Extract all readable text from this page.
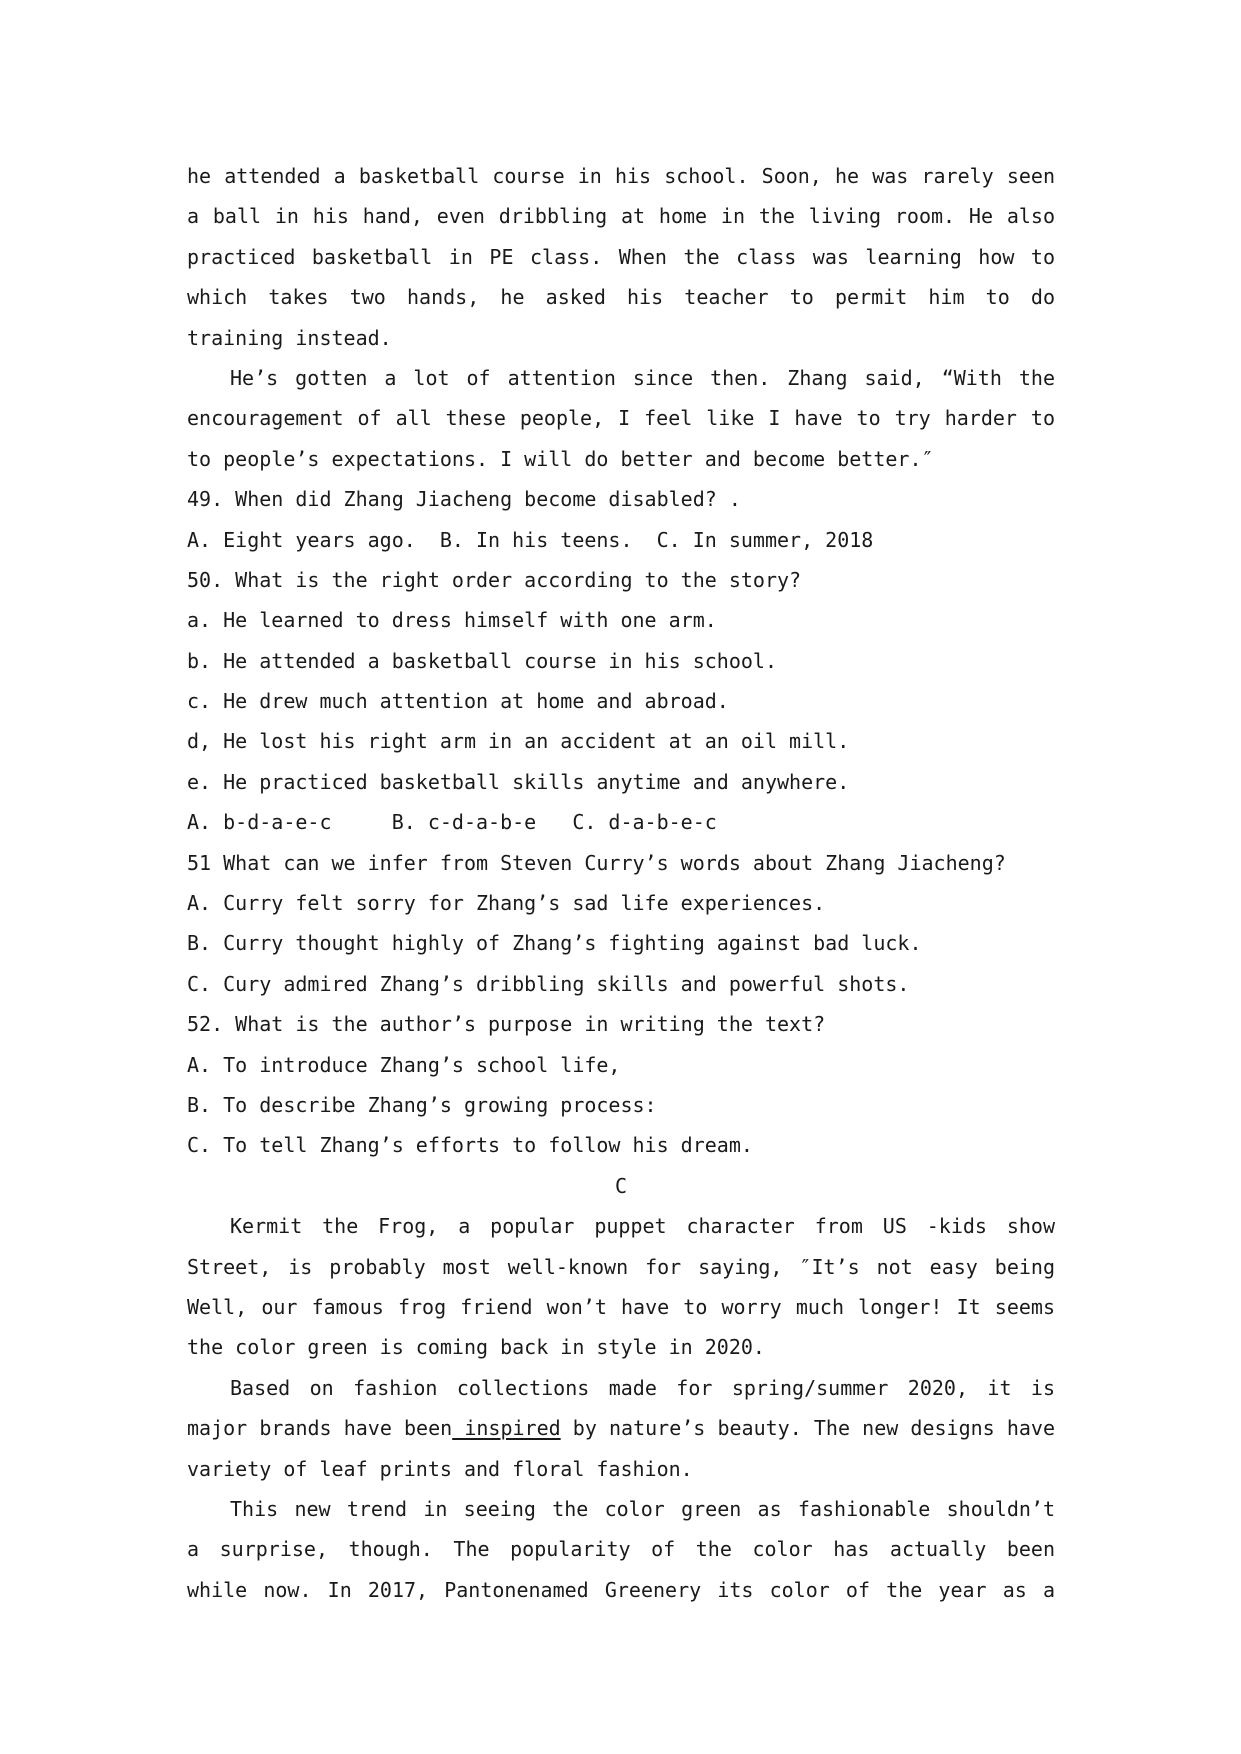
he attended a basketball course in his school. Soon, he was rarely seen
a ball in his hand, even dribbling at home in the living room. He also
practiced basketball in PE class. When the class was learning how to
which takes two hands, he asked his teacher to permit him to do
training instead.
He’s gotten a lot of attention since then. Zhang said, “With the
encouragement of all these people, I feel like I have to try harder to
to people’s expectations. I will do better and become better.″
49. When did Zhang Jiacheng become disabled? .
A. Eight years ago.  B. In his teens.  C. In summer, 2018
50. What is the right order according to the story?
a. He learned to dress himself with one arm.
b. He attended a basketball course in his school.
c. He drew much attention at home and abroad.
d, He lost his right arm in an accident at an oil mill.
e. He practiced basketball skills anytime and anywhere.
A. b-d-a-e-c     B. c-d-a-b-e   C. d-a-b-e-c
51 What can we infer from Steven Curry’s words about Zhang Jiacheng?
A. Curry felt sorry for Zhang’s sad life experiences.
B. Curry thought highly of Zhang’s fighting against bad luck.
C. Cury admired Zhang’s dribbling skills and powerful shots.
52. What is the author’s purpose in writing the text?
A. To introduce Zhang’s school life,
B. To describe Zhang’s growing process:
C. To tell Zhang’s efforts to follow his dream.
C
Kermit the Frog, a popular puppet character from US -kids show
Street, is probably most well-known for saying, ″It’s not easy being
Well, our famous frog friend won’t have to worry much longer! It seems
the color green is coming back in style in 2020.
Based on fashion collections made for spring/summer 2020, it is
major brands have been inspired by nature’s beauty. The new designs have
variety of leaf prints and floral fashion.
This new trend in seeing the color green as fashionable shouldn’t
a surprise, though. The popularity of the color has actually been
while now. In 2017, Pantonenamed Greenery its color of the year as a
